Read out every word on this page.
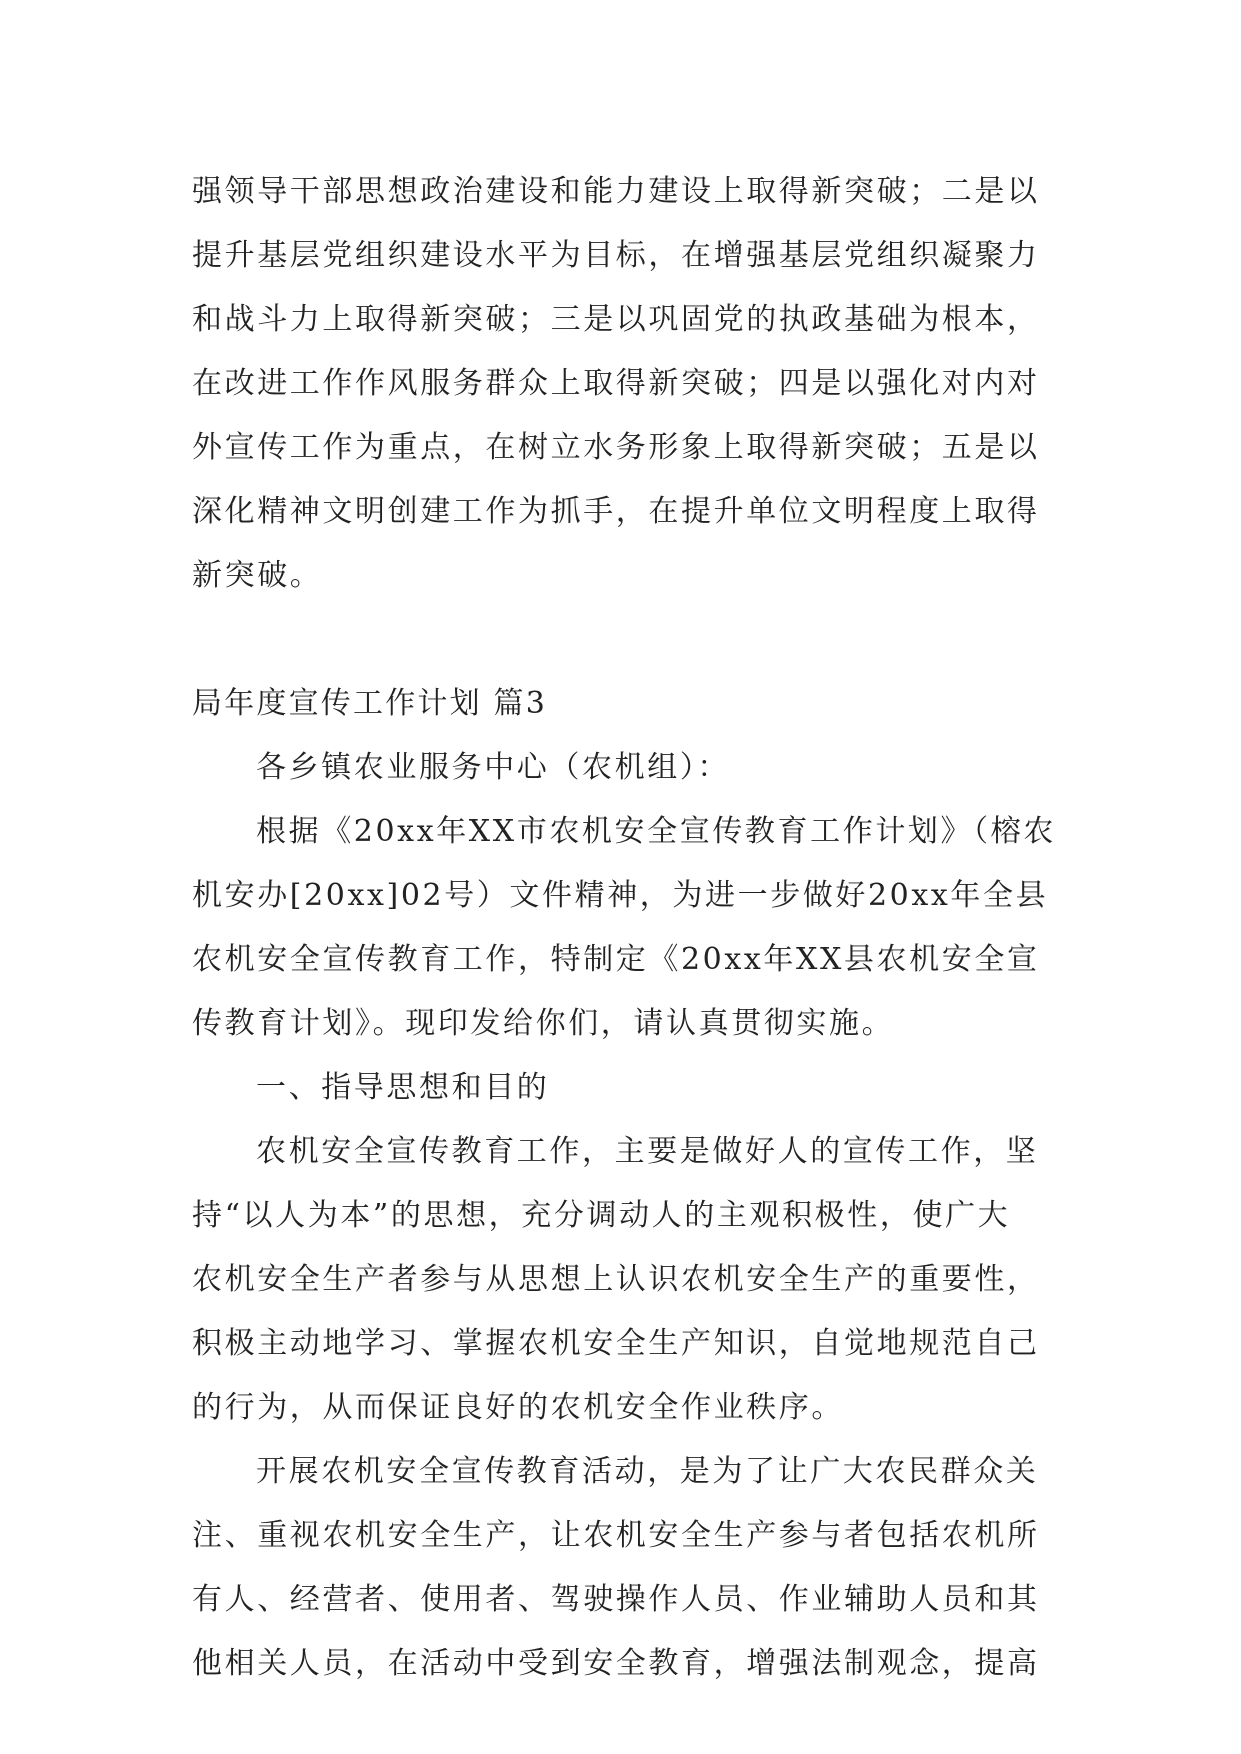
强领导干部思想政治建设和能力建设上取得新突破；二是以
提升基层党组织建设水平为目标，在增强基层党组织凝聚力
和战斗力上取得新突破；三是以巩固党的执政基础为根本，
在改进工作作风服务群众上取得新突破；四是以强化对内对
外宣传工作为重点，在树立水务形象上取得新突破；五是以
深化精神文明创建工作为抓手，在提升单位文明程度上取得
新突破。
局年度宣传工作计划 篇3
各乡镇农业服务中心（农机组）：
根据《20xx年XX市农机安全宣传教育工作计划》（榕农
机安办[20xx]02号）文件精神，为进一步做好20xx年全县
农机安全宣传教育工作，特制定《20xx年XX县农机安全宣
传教育计划》。现印发给你们，请认真贯彻实施。
一、指导思想和目的
农机安全宣传教育工作，主要是做好人的宣传工作，坚
持“以人为本”的思想，充分调动人的主观积极性，使广大
农机安全生产者参与从思想上认识农机安全生产的重要性，
积极主动地学习、掌握农机安全生产知识，自觉地规范自己
的行为，从而保证良好的农机安全作业秩序。
开展农机安全宣传教育活动，是为了让广大农民群众关
注、重视农机安全生产，让农机安全生产参与者包括农机所
有人、经营者、使用者、驾驶操作人员、作业辅助人员和其
他相关人员，在活动中受到安全教育，增强法制观念，提高
